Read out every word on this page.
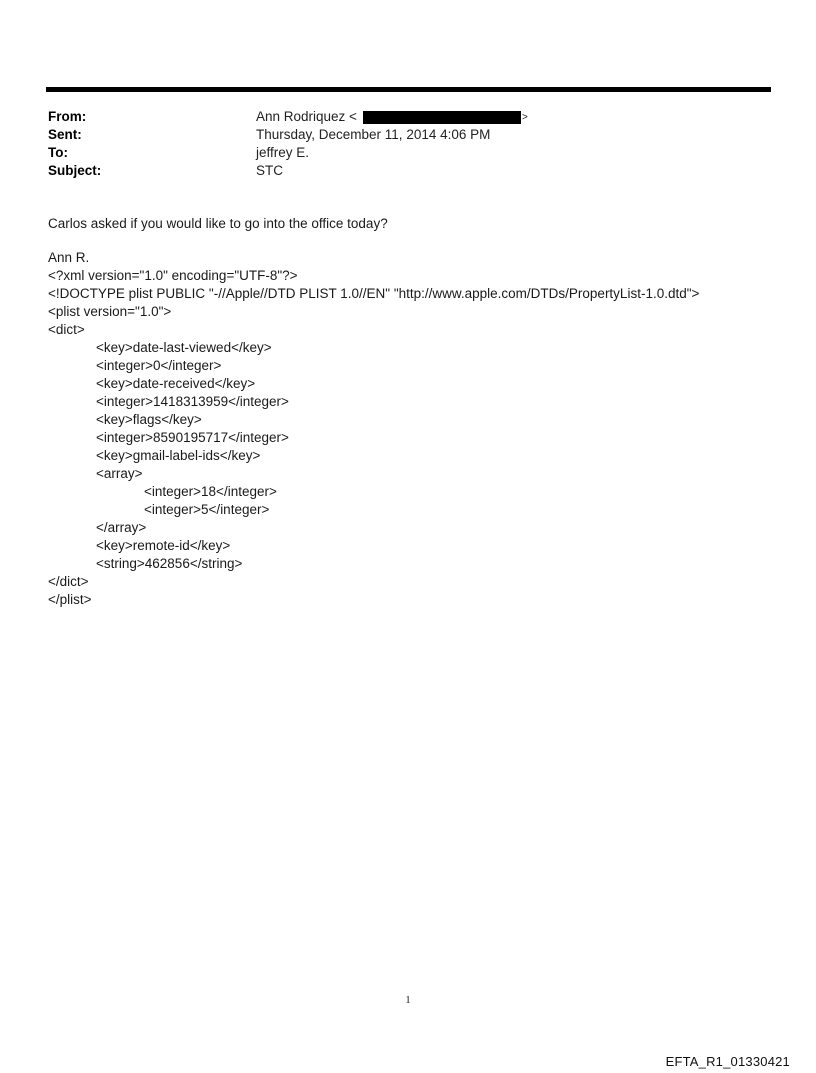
From:	Ann Rodriquez <	>
Sent:	Thursday, December 11, 2014 4:06 PM
To:	jeffrey E.
Subject:	STC
Carlos asked if you would like to go into the office today?
Ann R.
<?xml version="1.0" encoding="UTF-8"?>
<!DOCTYPE plist PUBLIC "-//Apple//DTD PLIST 1.0//EN" "http://www.apple.com/DTDs/PropertyList-1.0.dtd">
<plist version="1.0">
<dict>
<key>date-last-viewed</key>
<integer>0</integer>
<key>date-received</key>
<integer>1418313959</integer>
<key>flags</key>
<integer>8590195717</integer>
<key>gmail-label-ids</key>
<array>
<integer>18</integer>
<integer>5</integer>
</array>
<key>remote-id</key>
<string>462856</string>
</dict>
</plist>
1
EFTA_R1_01330421
